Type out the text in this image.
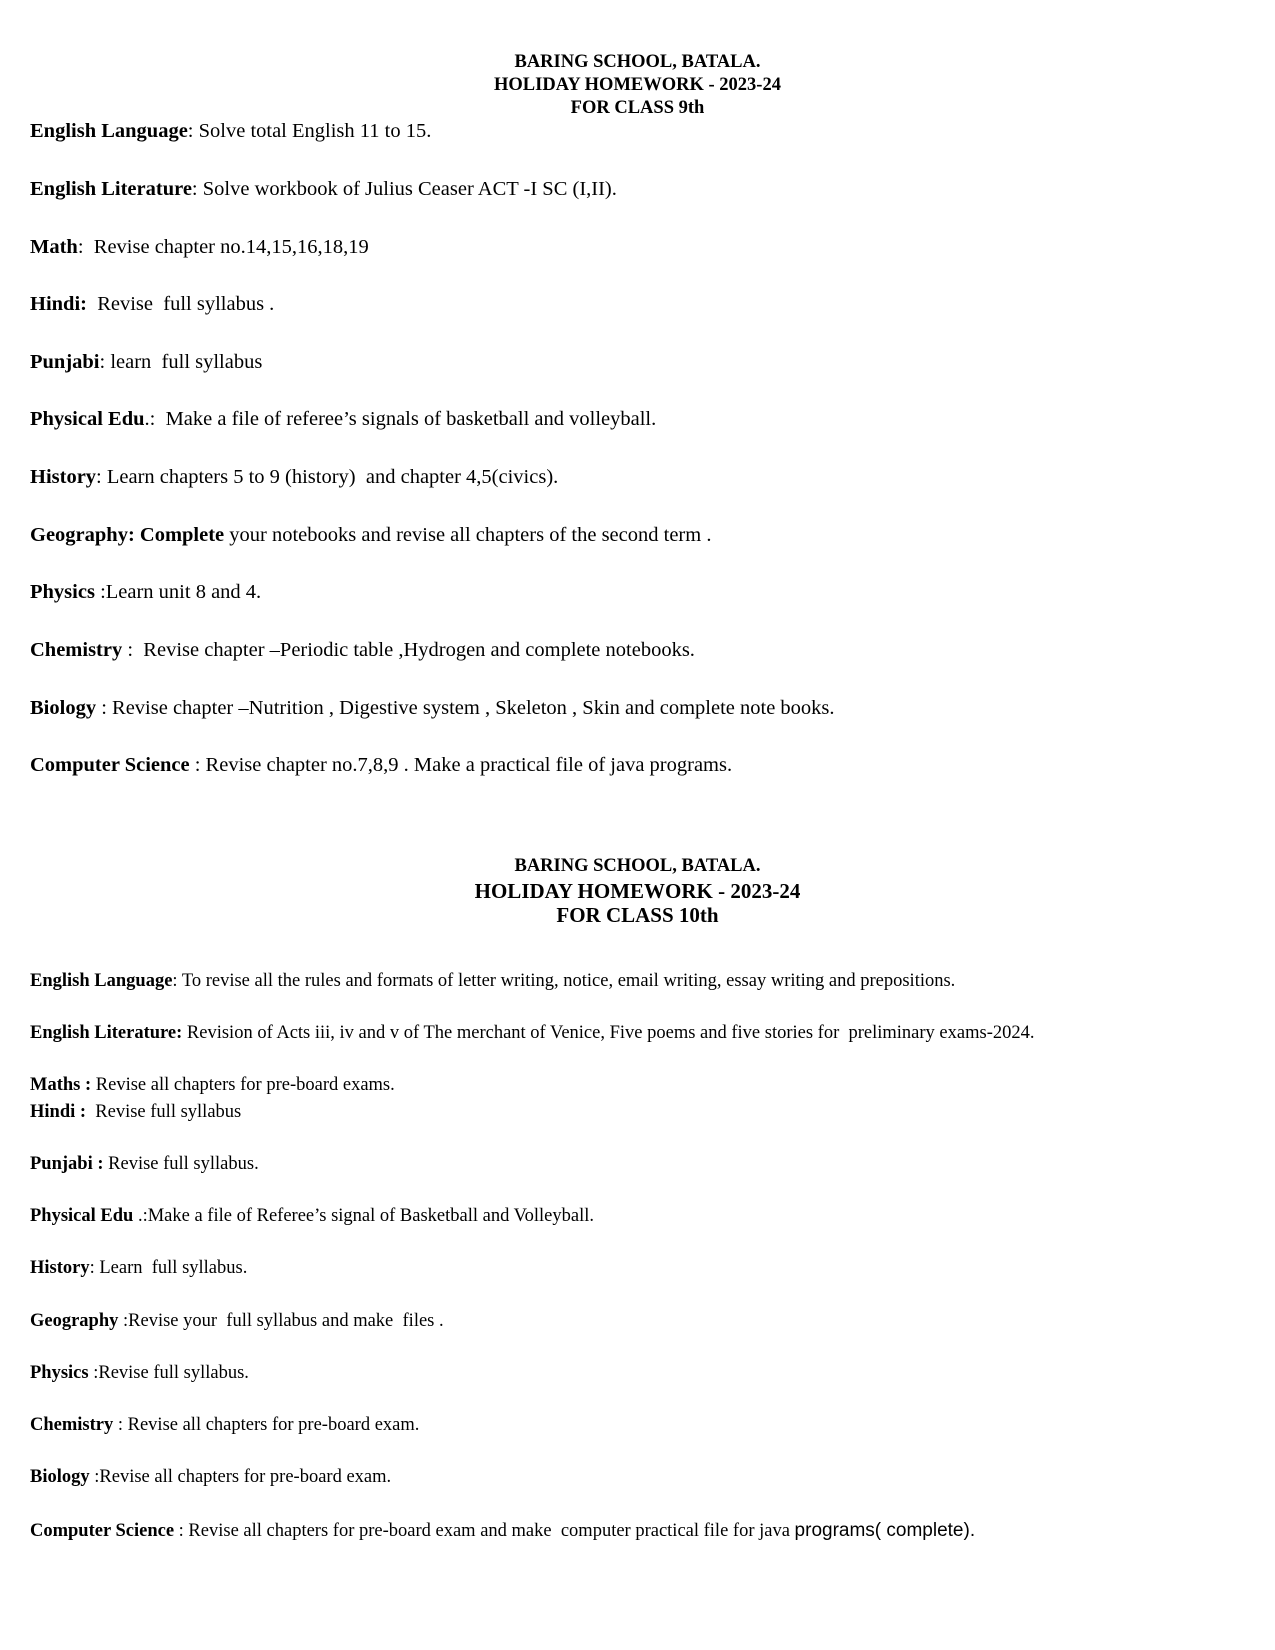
BARING SCHOOL, BATALA.
HOLIDAY HOMEWORK - 2023-24
FOR CLASS 9th
English Language: Solve total English 11 to 15.
English Literature: Solve workbook of Julius Ceaser ACT -I SC (I,II).
Math:  Revise chapter no.14,15,16,18,19
Hindi:  Revise  full syllabus .
Punjabi: learn  full syllabus
Physical Edu.:  Make a file of referee’s signals of basketball and volleyball.
History: Learn chapters 5 to 9 (history)  and chapter 4,5(civics).
Geography: Complete your notebooks and revise all chapters of the second term .
Physics :Learn unit 8 and 4.
Chemistry :  Revise chapter –Periodic table ,Hydrogen and complete notebooks.
Biology : Revise chapter –Nutrition , Digestive system , Skeleton , Skin and complete note books.
Computer Science : Revise chapter no.7,8,9 . Make a practical file of java programs.
BARING SCHOOL, BATALA.
HOLIDAY HOMEWORK - 2023-24
FOR CLASS 10th
English Language: To revise all the rules and formats of letter writing, notice, email writing, essay writing and prepositions.
English Literature: Revision of Acts iii, iv and v of The merchant of Venice, Five poems and five stories for  preliminary exams-2024.
Maths : Revise all chapters for pre-board exams.
Hindi :  Revise full syllabus
Punjabi : Revise full syllabus.
Physical Edu .:Make a file of Referee’s signal of Basketball and Volleyball.
History: Learn  full syllabus.
Geography :Revise your  full syllabus and make  files .
Physics :Revise full syllabus.
Chemistry : Revise all chapters for pre-board exam.
Biology :Revise all chapters for pre-board exam.
Computer Science : Revise all chapters for pre-board exam and make  computer practical file for java programs( complete).
